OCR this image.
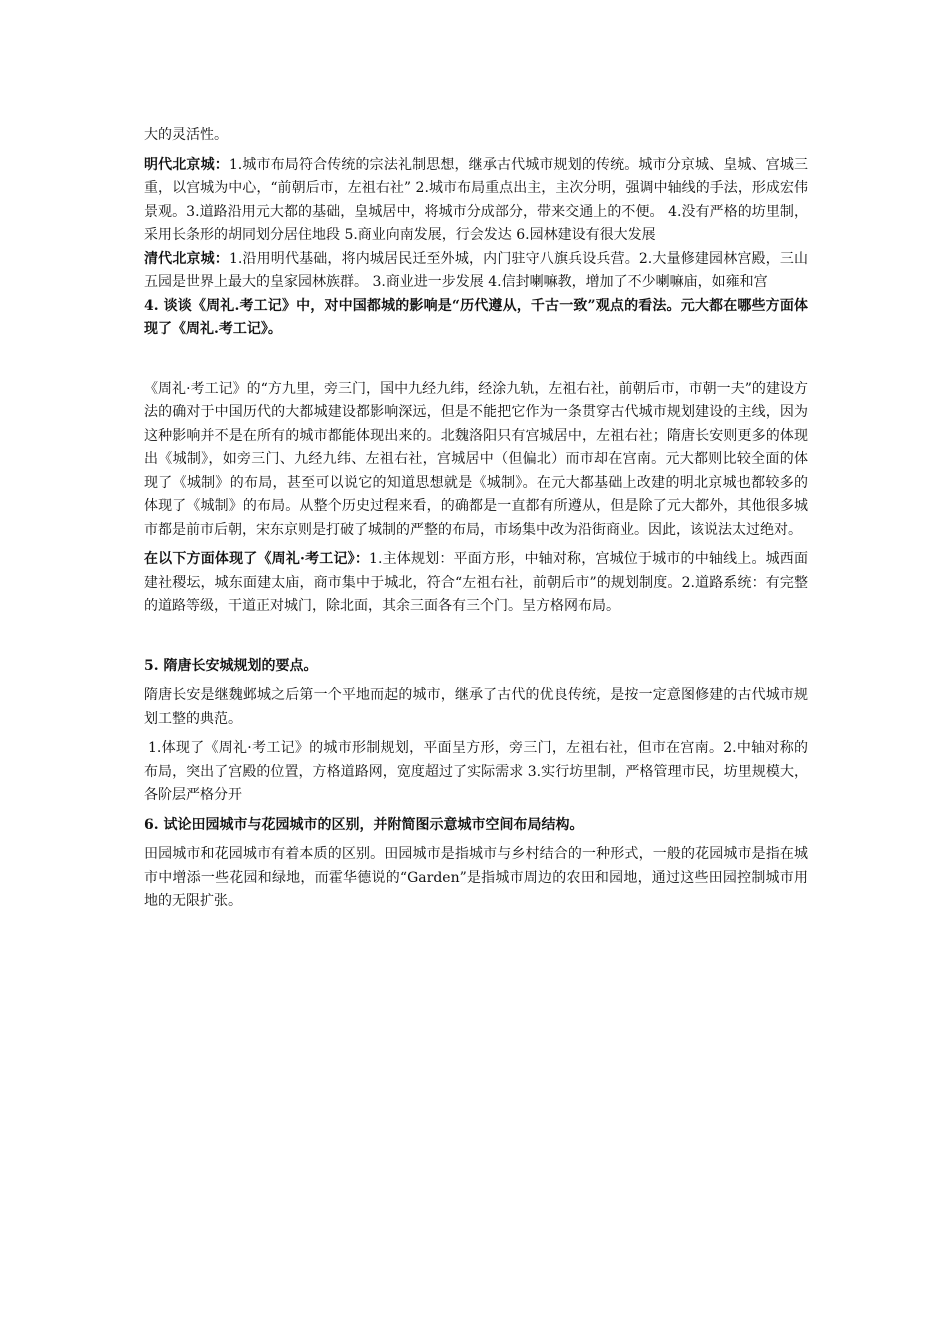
大的灵活性。

明代北京城：1.城市布局符合传统的宗法礼制思想，继承古代城市规划的传统。城市分京城、皇城、宫城三重，以宫城为中心，“前朝后市，左祖右社” 2.城市布局重点出主，主次分明，强调中轴线的手法，形成宏伟景观。3.道路沿用元大都的基础，皇城居中，将城市分成部分，带来交通上的不便。 4.没有严格的坊里制，采用长条形的胡同划分居住地段 5.商业向南发展，行会发达 6.园林建设有很大发展

清代北京城：1.沿用明代基础，将内城居民迁至外城，内门驻守八旗兵设兵营。2.大量修建园林宫殿，三山五园是世界上最大的皇家园林族群。 3.商业进一步发展 4.信封喇嘛教，增加了不少喇嘛庙，如雍和宫

4. 谈谈《周礼.考工记》中，对中国都城的影响是“历代遵从，千古一致”观点的看法。元大都在哪些方面体现了《周礼.考工记》。

《周礼·考工记》的“方九里，旁三门，国中九经九纬，经涂九轨，左祖右社，前朝后市，市朝一夫”的建设方法的确对于中国历代的大都城建设都影响深远，但是不能把它作为一条贯穿古代城市规划建设的主线，因为这种影响并不是在所有的城市都能体现出来的。北魏洛阳只有宫城居中，左祖右社；隋唐长安则更多的体现出《城制》，如旁三门、九经九纬、左祖右社，宫城居中（但偏北）而市却在宫南。元大都则比较全面的体现了《城制》的布局，甚至可以说它的知道思想就是《城制》。在元大都基础上改建的明北京城也都较多的体现了《城制》的布局。从整个历史过程来看，的确都是一直都有所遵从，但是除了元大都外，其他很多城市都是前市后朝，宋东京则是打破了城制的严整的布局，市场集中改为沿街商业。因此，该说法太过绝对。

在以下方面体现了《周礼·考工记》：1.主体规划：平面方形，中轴对称，宫城位于城市的中轴线上。城西面建社稷坛，城东面建太庙，商市集中于城北，符合“左祖右社，前朝后市”的规划制度。2.道路系统：有完整的道路等级，干道正对城门，除北面，其余三面各有三个门。呈方格网布局。

5. 隋唐长安城规划的要点。

隋唐长安是继魏邺城之后第一个平地而起的城市，继承了古代的优良传统，是按一定意图修建的古代城市规划工整的典范。

1.体现了《周礼·考工记》的城市形制规划，平面呈方形，旁三门，左祖右社，但市在宫南。2.中轴对称的布局，突出了宫殿的位置，方格道路网，宽度超过了实际需求 3.实行坊里制，严格管理市民，坊里规模大，各阶层严格分开

6. 试论田园城市与花园城市的区别，并附简图示意城市空间布局结构。

田园城市和花园城市有着本质的区别。田园城市是指城市与乡村结合的一种形式，一般的花园城市是指在城市中增添一些花园和绿地，而霍华德说的“Garden”是指城市周边的农田和园地，通过这些田园控制城市用地的无限扩张。
